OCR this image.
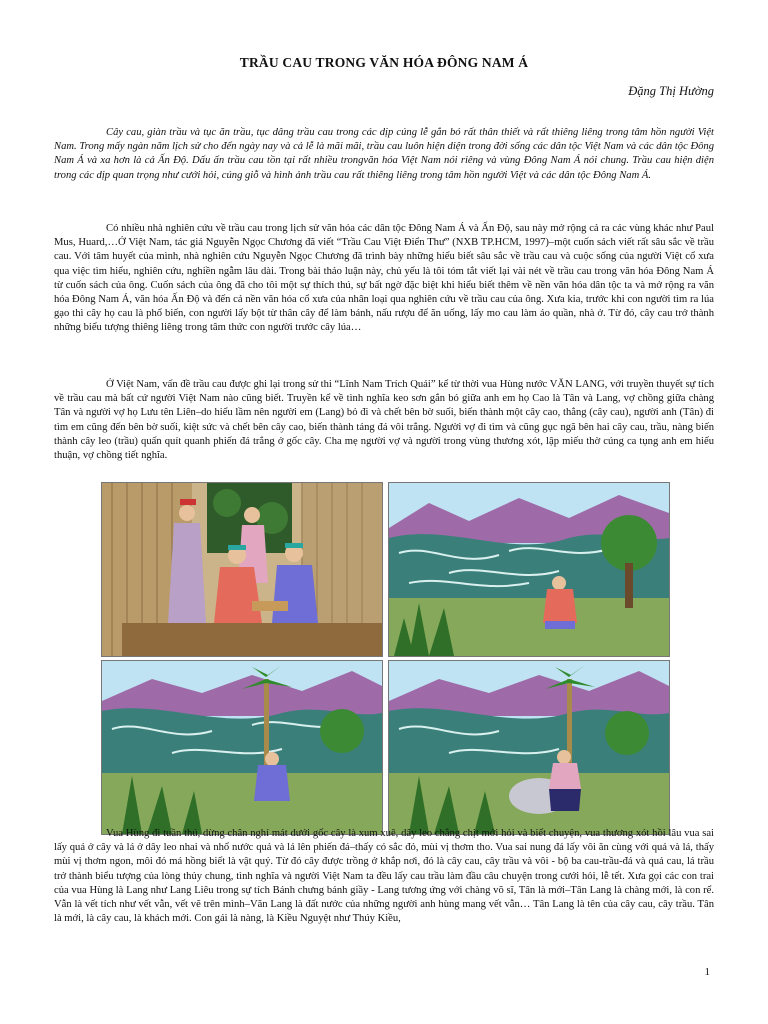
TRẦU CAU TRONG VĂN HÓA ĐÔNG NAM Á
Đặng Thị Hường

Cây cau, giàn trầu và tục ăn trầu, tục dâng trầu cau trong các dịp cúng lễ gắn bó rất thân thiết và rất thiêng liêng trong tâm hồn người Việt Nam. Trong mấy ngàn năm lịch sử cho đến ngày nay và cả lễ là mãi mãi, trầu cau luôn hiện diện trong đời sống các dân tộc Việt Nam và các dân tộc Đông Nam Á và xa hơn là cả Ấn Độ. Dấu ấn trầu cau tồn tại rất nhiều trongvăn hóa Việt Nam nói riêng và vùng Đông Nam Á nói chung. Trầu cau hiện diện trong các dịp quan trọng như cưới hỏi, cúng giỗ và hình ảnh trầu cau rất thiêng liêng trong tâm hồn người Việt và các dân tộc Đông Nam Á.

Có nhiều nhà nghiên cứu về trầu cau trong lịch sử văn hóa các dân tộc Đông Nam Á và Ấn Độ, sau này mở rộng cả ra các vùng khác như Paul Mus, Huard,…Ở Việt Nam, tác giả Nguyễn Ngọc Chương đã viết “Trầu Cau Việt Điển Thư” (NXB TP.HCM, 1997)–một cuốn sách viết rất sâu sắc về trầu cau. Với tâm huyết của mình, nhà nghiên cứu Nguyễn Ngọc Chương đã trình bày những hiểu biết sâu sắc về trầu cau và cuộc sống của người Việt cổ xưa qua việc tìm hiểu, nghiên cứu, nghiền ngẫm lâu dài. Trong bài thảo luận này, chủ yếu là tôi tóm tắt viết lại vài nét về trầu cau trong văn hóa Đông Nam Á từ cuốn sách của ông. Cuốn sách của ông đã cho tôi một sự thích thú, sự bất ngờ đặc biệt khi hiểu biết thêm về nền văn hóa dân tộc ta và mở rộng ra văn hóa Đông Nam Á, văn hóa Ấn Độ và đến cả nền văn hóa cổ xưa của nhân loại qua nghiên cứu về trầu cau của ông. Xưa kia, trước khi con người tìm ra lúa gạo thì cây họ cau là phổ biến, con người lấy bột từ thân cây để làm bánh, nấu rượu để ăn uống, lấy mo cau làm áo quần, nhà ở. Từ đó, cây cau trở thành những biểu tượng thiêng liêng trong tâm thức con người trước cây lúa…

Ở Việt Nam, vấn đề trầu cau được ghi lại trong sử thi “Lĩnh Nam Trích Quái” kể từ thời vua Hùng nước VĂN LANG, với truyền thuyết sự tích về trầu cau mà bất cứ người Việt Nam nào cũng biết. Truyền kể về tình nghĩa keo sơn gắn bó giữa anh em họ Cao là Tân và Lang, vợ chồng giữa chàng Tân và người vợ họ Lưu tên Liên–do hiểu lầm nên người em (Lang) bỏ đi và chết bên bờ suối, biến thành một cây cao, thẳng (cây cau), người anh (Tân) đi tìm em cũng đến bên bờ suối, kiệt sức và chết bên cây cao, biến thành tảng đá vôi trắng. Người vợ đi tìm và cũng gục ngã bên hai cây cau, trầu, nàng biến thành cây leo (trầu) quấn quít quanh phiến đá trắng ở gốc cây. Cha mẹ người vợ và người trong vùng thương xót, lập miếu thờ cúng ca tụng anh em hiếu thuận, vợ chồng tiết nghĩa.

Vua Hùng đi tuần thú, dừng chân nghỉ mát dưới gốc cây là xum xuê, dây leo chằng chịt mới hỏi và biết chuyện, vua thương xót hồi lâu vua sai lấy quả ở cây và lá ở dây leo nhai và nhổ nước quả và lá lên phiến đá–thấy có sắc đỏ, mùi vị thơm tho. Vua sai nung đá lấy vôi ăn cùng với quả và lá, thấy mùi vị thơm ngon, môi đỏ má hồng biết là vật quý. Từ đó cây được trồng ở khắp nơi, đó là cây cau, cây trầu và vôi - bộ ba cau-trầu-đá và quả cau, lá trầu trở thành biểu tượng của lòng thủy chung, tình nghĩa và người Việt Nam ta đều lấy cau trầu làm đầu câu chuyện trong cưới hỏi, lễ tết. Xưa gọi các con trai của vua Hùng là Lang như Lang Liêu trong sự tích Bánh chưng bánh giầy - Lang tương ứng với chàng võ sĩ, Tân là mới–Tân Lang là chàng mới, là con rể. Vẫn là vết tích như vết vẫn, vết vẽ trên mình–Văn Lang là đất nước của những người anh hùng mang vết vẫn… Tân Lang là tên của cây cau, cây trầu. Tân là mới, là cây cau, là khách mới. Con gái là nàng, là Kiều Nguyệt như Thúy Kiều,

1
